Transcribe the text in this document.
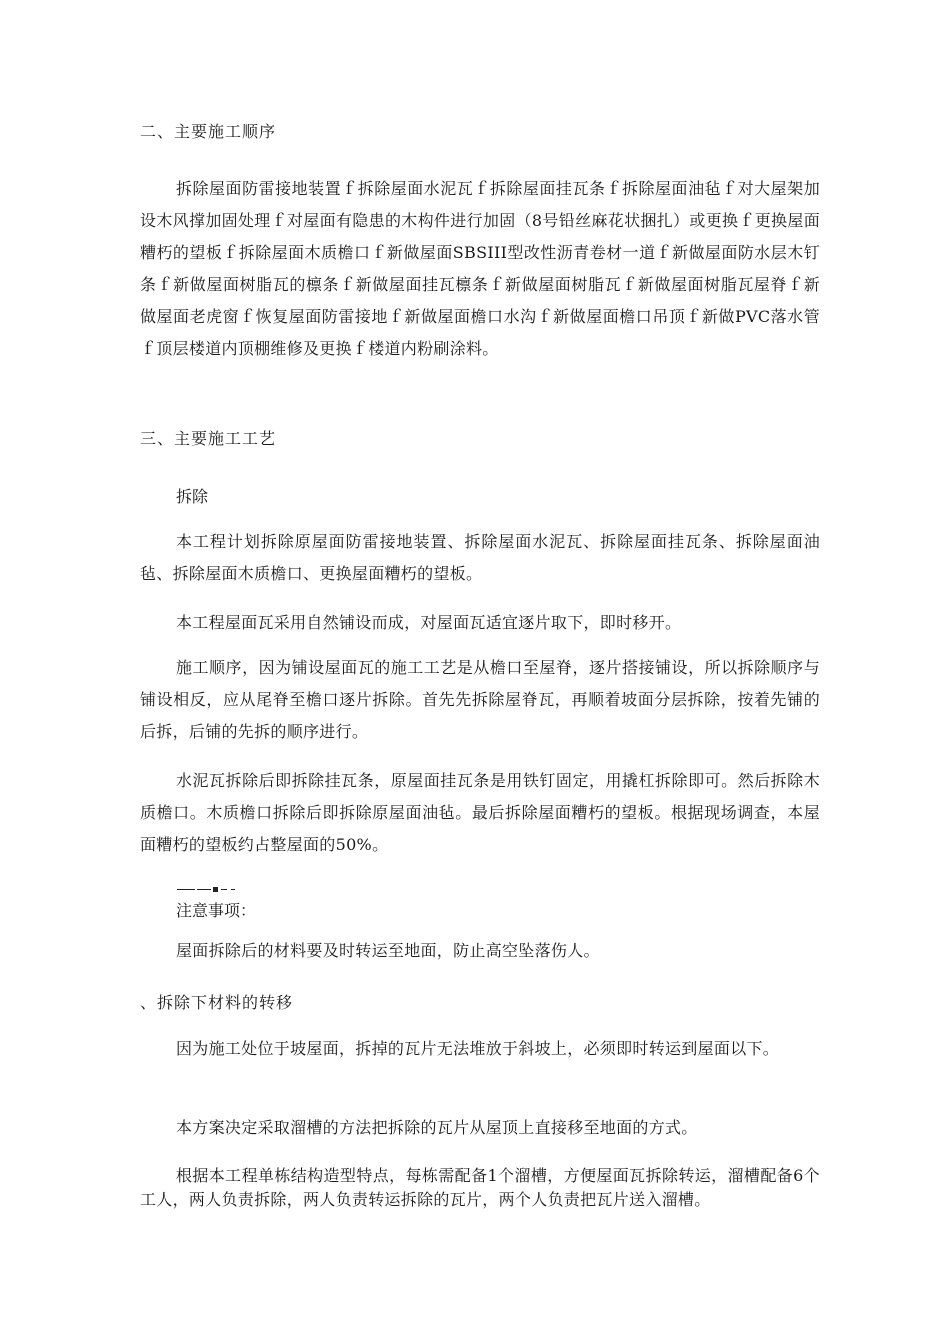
二、主要施工顺序

拆除屋面防雷接地装置ｆ拆除屋面水泥瓦ｆ拆除屋面挂瓦条ｆ拆除屋面油毡ｆ对大屋架加设木风撑加固处理ｆ对屋面有隐患的木构件进行加固（8号铅丝麻花状捆扎）或更换ｆ更换屋面糟朽的望板ｆ拆除屋面木质檐口ｆ新做屋面SBSIII型改性沥青卷材一道ｆ新做屋面防水层木钉条ｆ新做屋面树脂瓦的檩条ｆ新做屋面挂瓦檩条ｆ新做屋面树脂瓦ｆ新做屋面树脂瓦屋脊ｆ新做屋面老虎窗ｆ恢复屋面防雷接地ｆ新做屋面檐口水沟ｆ新做屋面檐口吊顶ｆ新做PVC落水管ｆ顶层楼道内顶棚维修及更换ｆ楼道内粉刷涂料。

三、主要施工工艺

拆除

本工程计划拆除原屋面防雷接地装置、拆除屋面水泥瓦、拆除屋面挂瓦条、拆除屋面油毡、拆除屋面木质檐口、更换屋面糟朽的望板。

本工程屋面瓦采用自然铺设而成，对屋面瓦适宜逐片取下，即时移开。

施工顺序，因为铺设屋面瓦的施工工艺是从檐口至屋脊，逐片搭接铺设，所以拆除顺序与铺设相反，应从尾脊至檐口逐片拆除。首先先拆除屋脊瓦，再顺着坡面分层拆除，按着先铺的后拆，后铺的先拆的顺序进行。

水泥瓦拆除后即拆除挂瓦条，原屋面挂瓦条是用铁钉固定，用撬杠拆除即可。然后拆除木质檐口。木质檐口拆除后即拆除原屋面油毡。最后拆除屋面糟朽的望板。根据现场调查，本屋面糟朽的望板约占整屋面的50%。

注意事项：

屋面拆除后的材料要及时转运至地面，防止高空坠落伤人。

、拆除下材料的转移

因为施工处位于坡屋面，拆掉的瓦片无法堆放于斜坡上，必须即时转运到屋面以下。

本方案决定采取溜槽的方法把拆除的瓦片从屋顶上直接移至地面的方式。

根据本工程单栋结构造型特点，每栋需配备1个溜槽，方便屋面瓦拆除转运，溜槽配备6个工人，两人负责拆除，两人负责转运拆除的瓦片，两个人负责把瓦片送入溜槽。
